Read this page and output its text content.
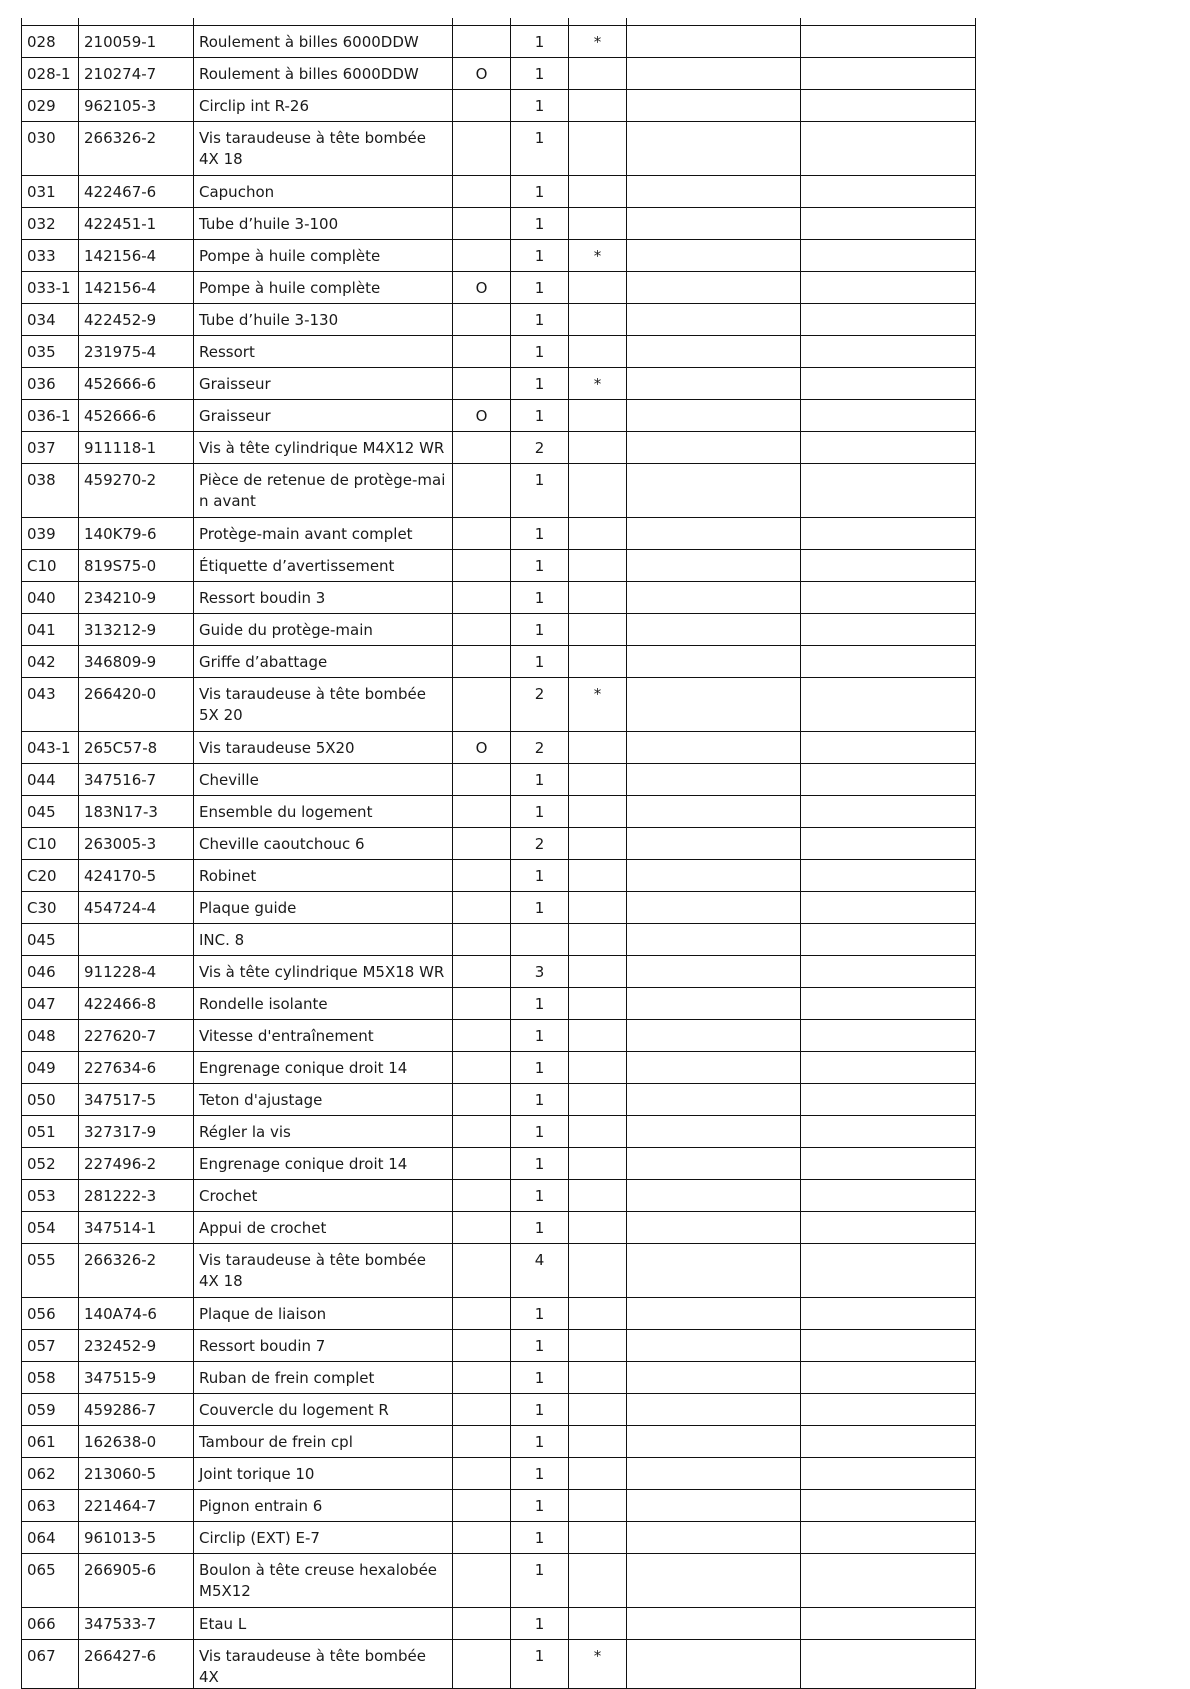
028	210059-1	Roulement à billes 6000DDW		1	*		
028-1	210274-7	Roulement à billes 6000DDW	O	1			
029	962105-3	Circlip int R-26		1			
030	266326-2	Vis taraudeuse à tête bombée 4X 18		1			
031	422467-6	Capuchon		1			
032	422451-1	Tube d’huile 3-100		1			
033	142156-4	Pompe à huile complète		1	*		
033-1	142156-4	Pompe à huile complète	O	1			
034	422452-9	Tube d’huile 3-130		1			
035	231975-4	Ressort		1			
036	452666-6	Graisseur		1	*		
036-1	452666-6	Graisseur	O	1			
037	911118-1	Vis à tête cylindrique M4X12 WR		2			
038	459270-2	Pièce de retenue de protège-mai n avant		1			
039	140K79-6	Protège-main avant complet		1			
C10	819S75-0	Étiquette d’avertissement		1			
040	234210-9	Ressort boudin 3		1			
041	313212-9	Guide du protège-main		1			
042	346809-9	Griffe d’abattage		1			
043	266420-0	Vis taraudeuse à tête bombée 5X 20		2	*		
043-1	265C57-8	Vis taraudeuse 5X20	O	2			
044	347516-7	Cheville		1			
045	183N17-3	Ensemble du logement		1			
C10	263005-3	Cheville caoutchouc 6		2			
C20	424170-5	Robinet		1			
C30	454724-4	Plaque guide		1			
045		INC. 8					
046	911228-4	Vis à tête cylindrique M5X18 WR		3			
047	422466-8	Rondelle isolante		1			
048	227620-7	Vitesse d'entraînement		1			
049	227634-6	Engrenage conique droit 14		1			
050	347517-5	Teton d'ajustage		1			
051	327317-9	Régler la vis		1			
052	227496-2	Engrenage conique droit 14		1			
053	281222-3	Crochet		1			
054	347514-1	Appui de crochet		1			
055	266326-2	Vis taraudeuse à tête bombée 4X 18		4			
056	140A74-6	Plaque de liaison		1			
057	232452-9	Ressort boudin 7		1			
058	347515-9	Ruban de frein complet		1			
059	459286-7	Couvercle du logement R		1			
061	162638-0	Tambour de frein cpl		1			
062	213060-5	Joint torique 10		1			
063	221464-7	Pignon entrain 6		1			
064	961013-5	Circlip (EXT) E-7		1			
065	266905-6	Boulon à tête creuse hexalobée M5X12		1			
066	347533-7	Etau L		1			
067	266427-6	Vis taraudeuse à tête bombée 4X		1	*		
